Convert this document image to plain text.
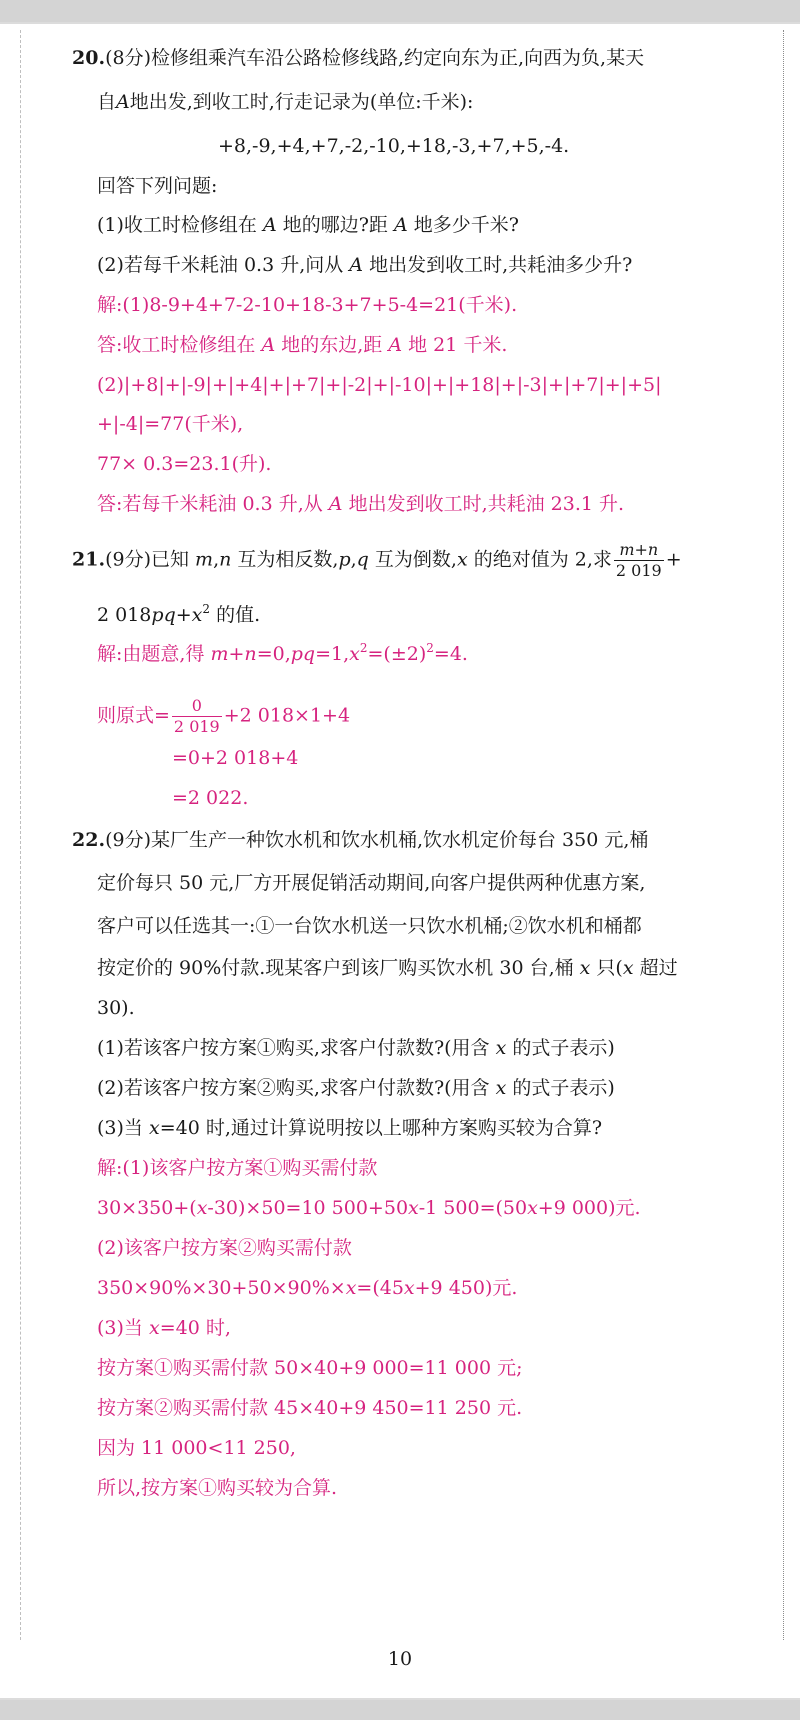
20.(8分)检修组乘汽车沿公路检修线路,约定向东为正,向西为负,某天
自A地出发,到收工时,行走记录为(单位:千米):
+8,-9,+4,+7,-2,-10,+18,-3,+7,+5,-4.
回答下列问题:
(1)收工时检修组在 A 地的哪边?距 A 地多少千米?
(2)若每千米耗油 0.3 升,问从 A 地出发到收工时,共耗油多少升?
解:(1)8-9+4+7-2-10+18-3+7+5-4=21(千米).
答:收工时检修组在 A 地的东边,距 A 地 21 千米.
(2)|+8|+|-9|+|+4|+|+7|+|-2|+|-10|+|+18|+|-3|+|+7|+|+5|
+|-4|=77(千米),
77× 0.3=23.1(升).
答:若每千米耗油 0.3 升,从 A 地出发到收工时,共耗油 23.1 升.
21.(9分)已知 m,n 互为相反数,p,q 互为倒数,x 的绝对值为 2,求 $\frac{m+n}{2 019}$ +
2 $018pq+x^2$ 的值.
解:由题意,得 $m+n=0,pq=1,x^2=(\pm 2)^2=4$.
则原式= $\frac{0}{2 019} +2$ 018×1+4
=0+2 018+4
=2 022.
22.(9分)某厂生产一种饮水机和饮水机桶,饮水机定价每台 350 元,桶
定价每只 50 元,厂方开展促销活动期间,向客户提供两种优惠方案,
客户可以任选其一:①一台饮水机送一只饮水机桶;②饮水机和桶都
按定价的 90%付款.现某客户到该厂购买饮水机 30 台,桶 x 只(x 超过
30).
(1)若该客户按方案①购买,求客户付款数?(用含 x 的式子表示)
(2)若该客户按方案②购买,求客户付款数?(用含 x 的式子表示)
(3)当 x=40 时,通过计算说明按以上哪种方案购买较为合算?
解:(1)该客户按方案①购买需付款
30×350+(x-30)×50=10 500+50x-1 500=(50x+9 000)元.
(2)该客户按方案②购买需付款
350×90%×30+50×90%×x=(45x+9 450)元.
(3)当 x=40 时,
按方案①购买需付款 50×40+9 000=11 000 元;
按方案②购买需付款 45×40+9 450=11 250 元.
因为 11 000<11 250,
所以,按方案①购买较为合算.
10
